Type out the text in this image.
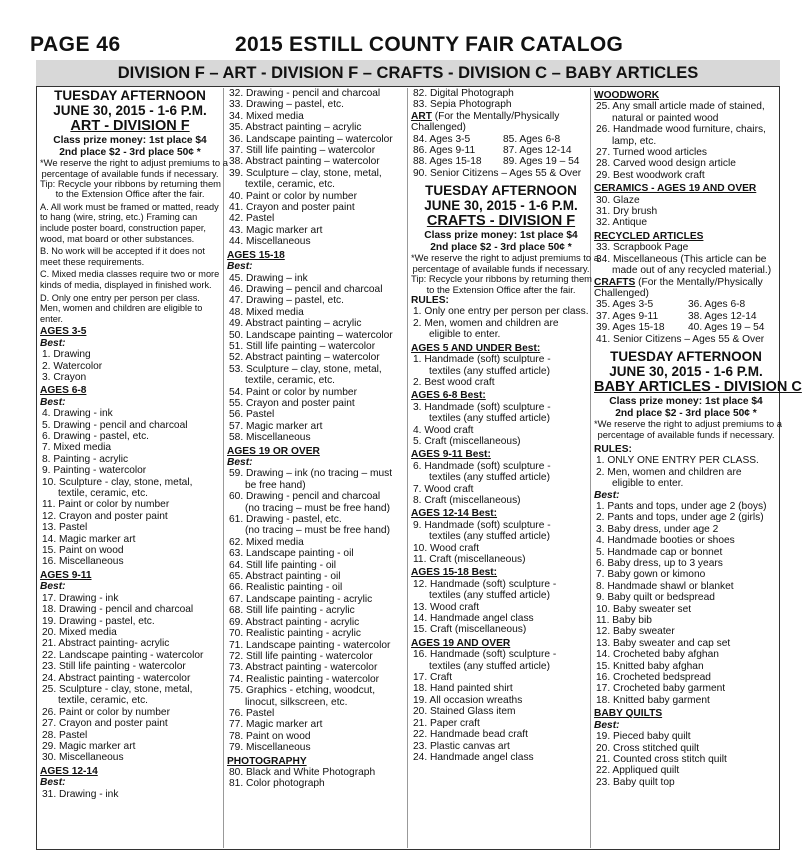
PAGE 46	2015 ESTILL COUNTY FAIR CATALOG
DIVISION F – ART - DIVISION F – CRAFTS - DIVISION C – BABY ARTICLES
TUESDAY AFTERNOON
JUNE 30, 2015 - 1-6 P.M.
ART - DIVISION F
Class prize money: 1st place $4
2nd place $2 - 3rd place 50¢ *
*We reserve the right to adjust premiums to a
percentage of available funds if necessary.
Tip: Recycle your ribbons by returning them
to the Extension Office after the fair.
A. All work must be framed or matted, ready to hang (wire, string, etc.) Framing can include poster board, construction paper, wood, mat board or other substances.
B. No work will be accepted if it does not meet these requirements.
C. Mixed media classes require two or more kinds of media, displayed in finished work.
D. Only one entry per person per class.
Men, women and children are eligible to enter.
AGES 3-5
Best:
1. Drawing
2. Watercolor
3. Crayon
AGES 6-8
Best:
4. Drawing - ink
5. Drawing - pencil and charcoal
6. Drawing - pastel, etc.
7. Mixed media
8. Painting - acrylic
9. Painting - watercolor
10. Sculpture - clay, stone, metal,
textile, ceramic, etc.
11. Paint or color by number
12. Crayon and poster paint
13. Pastel
14. Magic marker art
15. Paint on wood
16. Miscellaneous
AGES 9-11
Best:
17. Drawing - ink
18. Drawing - pencil and charcoal
19. Drawing - pastel, etc.
20. Mixed media
21. Abstract painting- acrylic
22. Landscape painting - watercolor
23. Still life painting - watercolor
24. Abstract painting - watercolor
25. Sculpture - clay, stone, metal,
textile, ceramic, etc.
26. Paint or color by number
27. Crayon and poster paint
28. Pastel
29. Magic marker art
30. Miscellaneous
AGES 12-14
Best:
31. Drawing - ink
32. Drawing - pencil and charcoal
33. Drawing – pastel, etc.
34. Mixed media
35. Abstract painting – acrylic
36. Landscape painting – watercolor
37. Still life painting – watercolor
38. Abstract painting – watercolor
39. Sculpture – clay, stone, metal,
textile, ceramic, etc.
40. Paint or color by number
41. Crayon and poster paint
42. Pastel
43. Magic marker art
44. Miscellaneous
AGES 15-18
Best:
45. Drawing – ink
46. Drawing – pencil and charcoal
47. Drawing – pastel, etc.
48. Mixed media
49. Abstract painting – acrylic
50. Landscape painting – watercolor
51. Still life painting – watercolor
52. Abstract painting – watercolor
53. Sculpture – clay, stone, metal,
textile, ceramic, etc.
54. Paint or color by number
55. Crayon and poster paint
56. Pastel
57. Magic marker art
58. Miscellaneous
AGES 19 OR OVER
Best:
59. Drawing – ink (no tracing – must
be free hand)
60. Drawing - pencil and charcoal
(no tracing – must be free hand)
61. Drawing - pastel, etc.
(no tracing – must be free hand)
62. Mixed media
63. Landscape painting - oil
64. Still life painting - oil
65. Abstract painting - oil
66. Realistic painting - oil
67. Landscape painting - acrylic
68. Still life painting - acrylic
69. Abstract painting - acrylic
70. Realistic painting - acrylic
71. Landscape painting - watercolor
72. Still life painting - watercolor
73. Abstract painting - watercolor
74. Realistic painting - watercolor
75. Graphics - etching, woodcut,
linocut, silkscreen, etc.
76. Pastel
77. Magic marker art
78. Paint on wood
79. Miscellaneous
PHOTOGRAPHY
80. Black and White Photograph
81. Color photograph
82. Digital Photograph
83. Sepia Photograph
ART (For the Mentally/Physically Challenged)
84. Ages 3-5	85. Ages 6-8
86. Ages 9-11	87. Ages 12-14
88. Ages 15-18	89. Ages 19 – 54
90. Senior Citizens – Ages 55 & Over
TUESDAY AFTERNOON
JUNE 30, 2015 - 1-6 P.M.
CRAFTS - DIVISION F
Class prize money: 1st place $4
2nd place $2 - 3rd place 50¢ *
*We reserve the right to adjust premiums to a
percentage of available funds if necessary.
Tip: Recycle your ribbons by returning them
to the Extension Office after the fair.
RULES:
1. Only one entry per person per class.
2. Men, women and children are
eligible to enter.
AGES 5 AND UNDER Best:
1. Handmade (soft) sculpture -
textiles (any stuffed article)
2. Best wood craft
AGES 6-8 Best:
3. Handmade (soft) sculpture -
textiles (any stuffed article)
4. Wood craft
5. Craft (miscellaneous)
AGES 9-11 Best:
6. Handmade (soft) sculpture -
textiles (any stuffed article)
7. Wood craft
8. Craft (miscellaneous)
AGES 12-14 Best:
9. Handmade (soft) sculpture -
textiles (any stuffed article)
10. Wood craft
11. Craft (miscellaneous)
AGES 15-18 Best:
12. Handmade (soft) sculpture -
textiles (any stuffed article)
13. Wood craft
14. Handmade angel class
15. Craft (miscellaneous)
AGES 19 AND OVER
16. Handmade (soft) sculpture -
textiles (any stuffed article)
17. Craft
18. Hand painted shirt
19. All occasion wreaths
20. Stained Glass item
21. Paper craft
22. Handmade bead craft
23. Plastic canvas art
24. Handmade angel class
WOODWORK
25. Any small article made of stained,
natural or painted wood
26. Handmade wood furniture, chairs,
lamp, etc.
27. Turned wood articles
28. Carved wood design article
29. Best woodwork craft
CERAMICS - AGES 19 AND OVER
30. Glaze
31. Dry brush
32. Antique
RECYCLED ARTICLES
33. Scrapbook Page
34. Miscellaneous (This article can be
made out of any recycled material.)
CRAFTS (For the Mentally/Physically Challenged)
35. Ages 3-5	36. Ages 6-8
37. Ages 9-11	38. Ages 12-14
39. Ages 15-18	40. Ages 19 – 54
41. Senior Citizens – Ages 55 & Over
TUESDAY AFTERNOON
JUNE 30, 2015 - 1-6 P.M.
BABY ARTICLES - DIVISION C
Class prize money: 1st place $4
2nd place $2 - 3rd place 50¢ *
*We reserve the right to adjust premiums to a
percentage of available funds if necessary.
RULES:
1. ONLY ONE ENTRY PER CLASS.
2. Men, women and children are
eligible to enter.
Best:
1. Pants and tops, under age 2 (boys)
2. Pants and tops, under age 2 (girls)
3. Baby dress, under age 2
4. Handmade booties or shoes
5. Handmade cap or bonnet
6. Baby dress, up to 3 years
7. Baby gown or kimono
8. Handmade shawl or blanket
9. Baby quilt or bedspread
10. Baby sweater set
11. Baby bib
12. Baby sweater
13. Baby sweater and cap set
14. Crocheted baby afghan
15. Knitted baby afghan
16. Crocheted bedspread
17. Crocheted baby garment
18. Knitted baby garment
BABY QUILTS
Best:
19. Pieced baby quilt
20. Cross stitched quilt
21. Counted cross stitch quilt
22. Appliqued quilt
23. Baby quilt top
